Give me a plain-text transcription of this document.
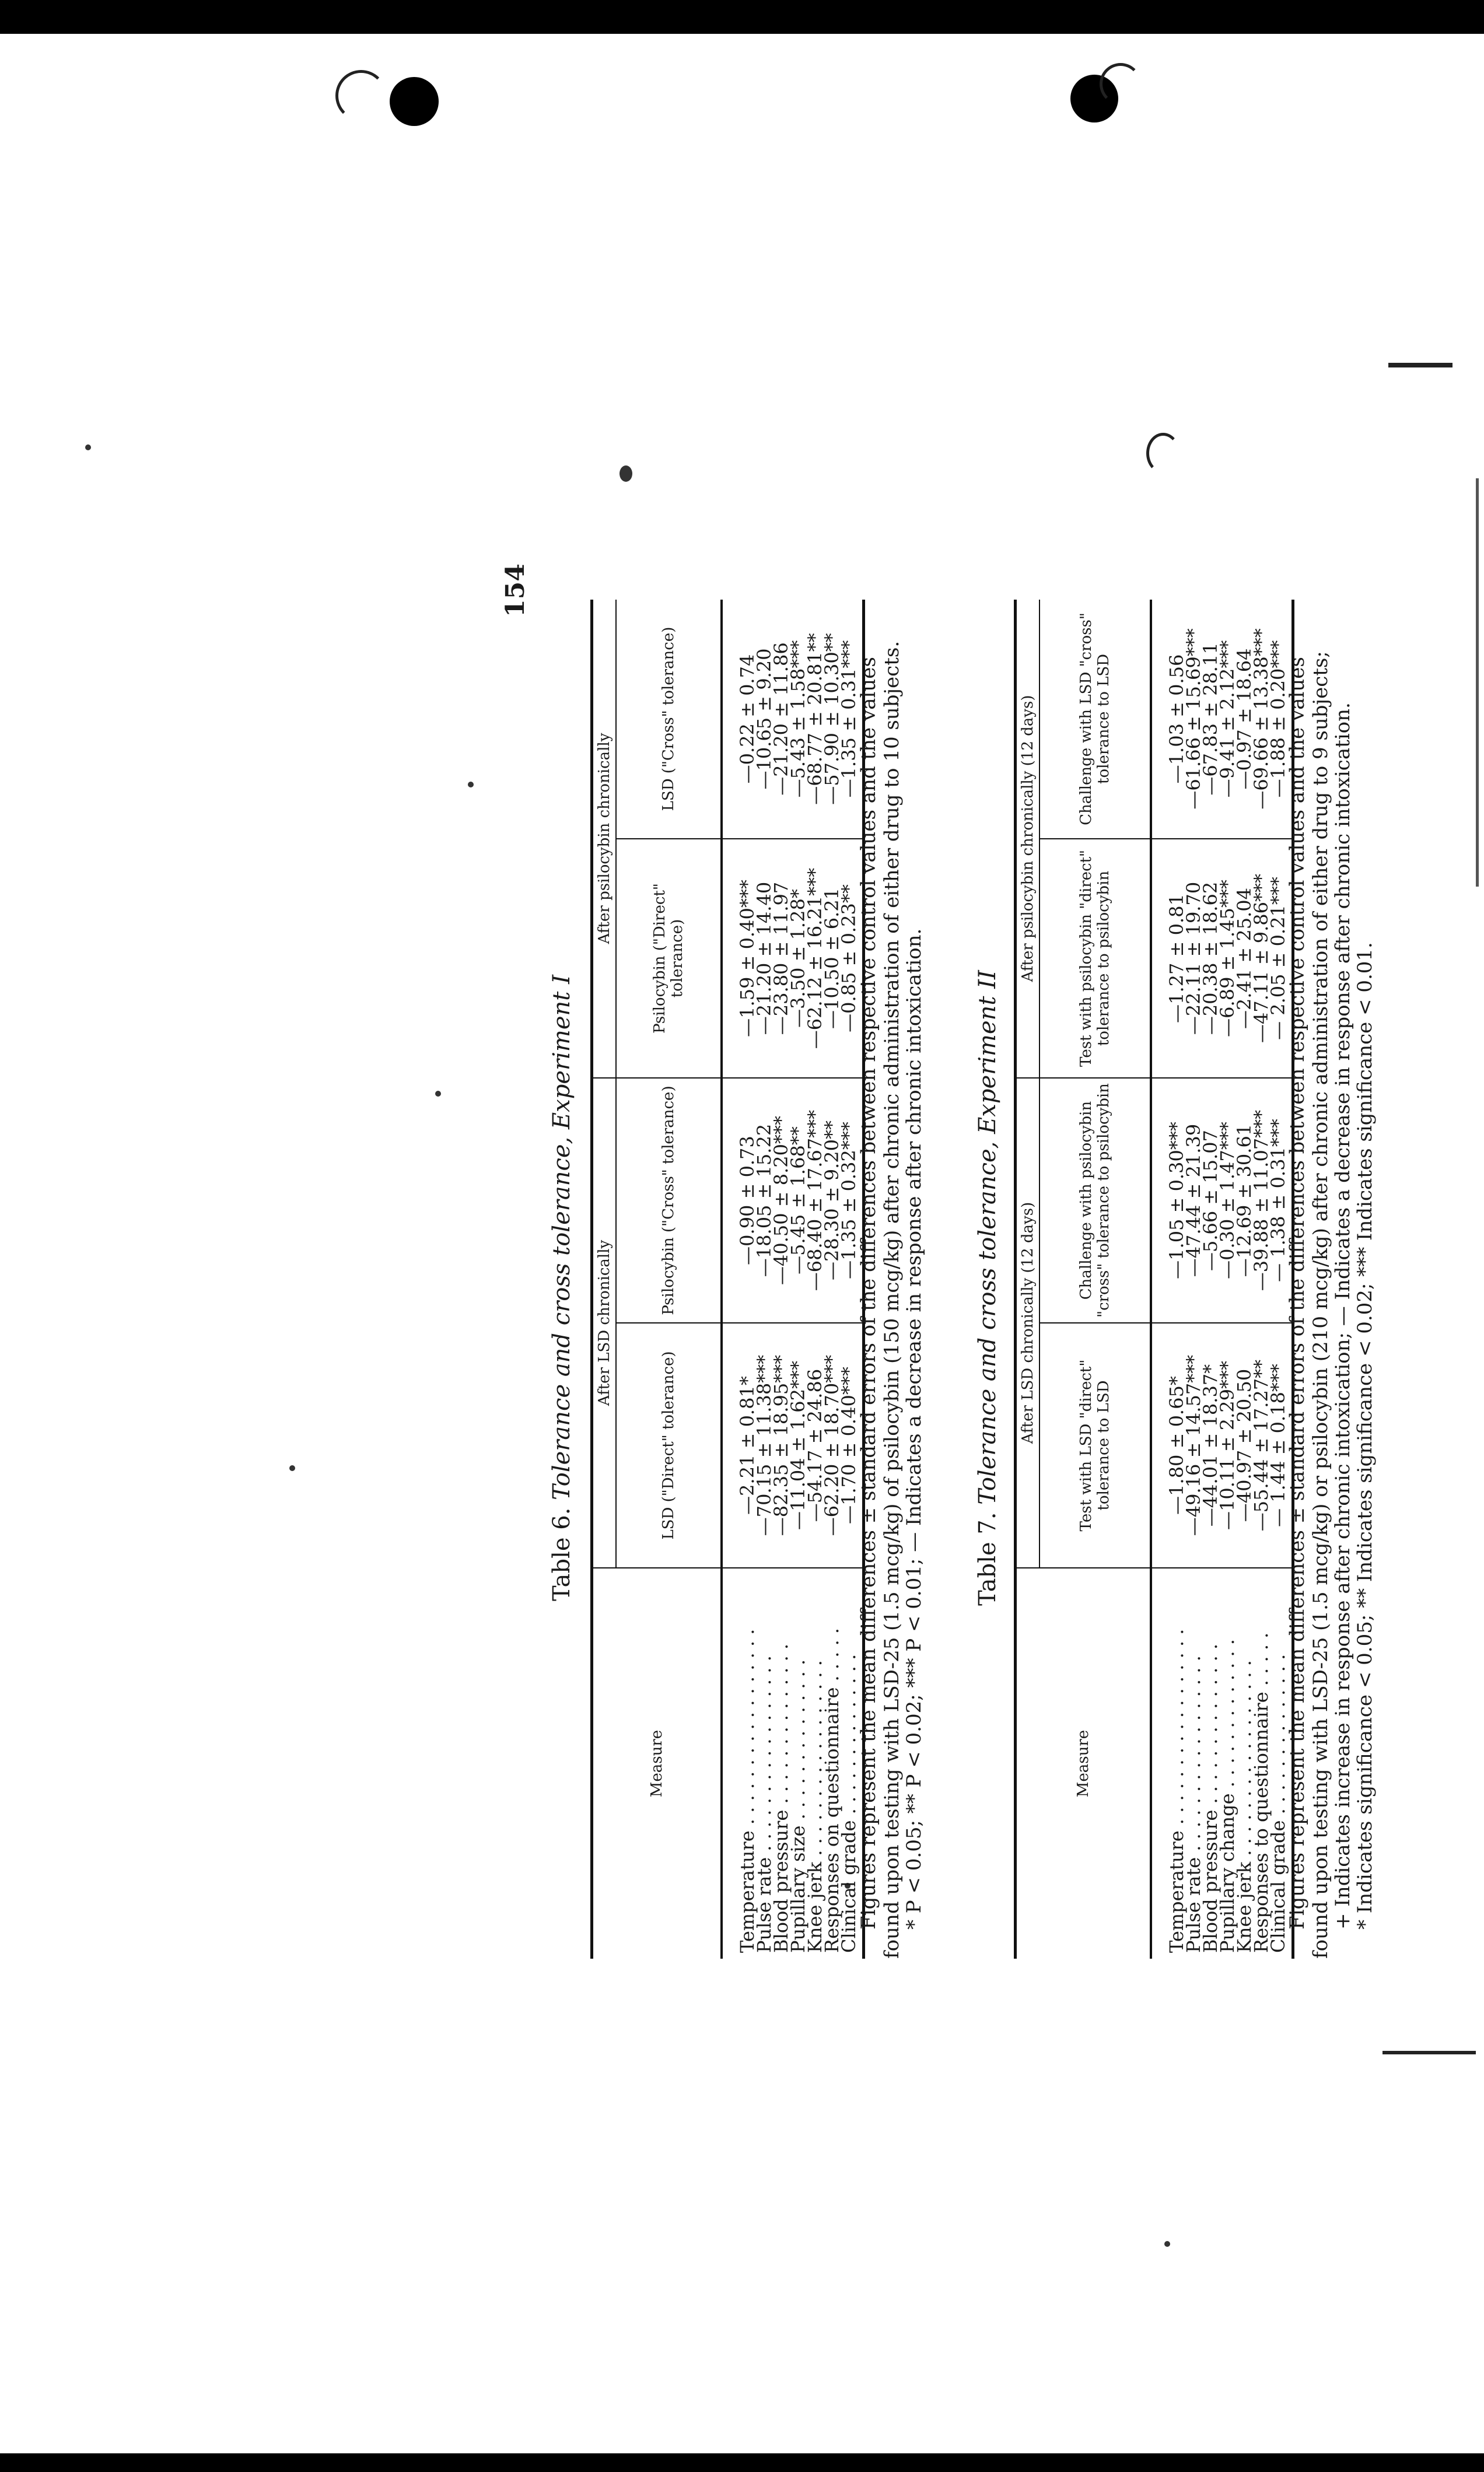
154
Table 6. Tolerance and cross tolerance, Experiment I
Measure	After LSD chronically		After psilocybin chronically	
	LSD ("Direct" tolerance)	Psilocybin ("Cross" tolerance)	Psilocybin ("Direct" tolerance)	LSD ("Cross" tolerance)
Temperature . . . . . . . . . . . . . . . . .	—2.21 ± 0.81*	—0.90 ± 0.73	—1.59 ± 0.40***	—0.22 ± 0.74
Pulse rate . . . . . . . . . . . . . . . . .	—70.15 ± 11.38***	—18.05 ± 15.22	—21.20 ± 14.40	—10.65 ± 9.20
Blood pressure . . . . . . . . . . . . . .	—82.35 ± 18.95***	—40.50 ± 8.20***	—23.80 ± 11.97	—21.20 ± 11.86
Pupillary size . . . . . . . . . . . . . .	—11.04 ± 1.62***	—5.45 ± 1.68**	—3.50 ± 1.28*	—5.43 ± 1.58***
Knee jerk . . . . . . . . . . . . . . . . .	—54.17 ± 24.86	—68.40 ± 17.67***	—62.12 ± 16.21***	—68.77 ± 20.81**
Responses on questionnaire . . . . .	—62.20 ± 18.70***	—28.30 ± 9.20**	—10.50 ± 6.21	—57.90 ± 10.30**
Clinical grade . . . . . . . . . . . . . .	—1.70 ± 0.40***	—1.35 ± 0.32***	—0.85 ± 0.23**	—1.35 ± 0.31***
Figures represent the mean differences ± standard errors of the differences between respective control values and the values found upon testing with LSD-25 (1.5 mcg/kg) of psilocybin (150 mcg/kg) after chronic administration of either drug to 10 subjects.
* P < 0.05; ** P < 0.02; *** P < 0.01; — Indicates a decrease in response after chronic intoxication. Table 7. Tolerance and cross tolerance, Experiment II
Measure	After LSD chronically (12 days)		After psilocybin chronically (12 days)	
	Test with LSD "direct" tolerance to LSD	Challenge with psilocybin "cross" tolerance to psilocybin	Test with psilocybin "direct" tolerance to psilocybin	Challenge with LSD "cross" tolerance to LSD
Temperature . . . . . . . . . . . . . . . . .	—1.80 ± 0.65*	—1.05 ± 0.30***	—1.27 ± 0.81	—1.03 ± 0.56
Pulse rate . . . . . . . . . . . . . . . . .	—49.16 ± 14.57***	—47.44 ± 21.39	—22.11 ± 19.70	—61.66 ± 15.69***
Blood pressure . . . . . . . . . . . . . .	—44.01 ± 18.37*	—5.66 ± 15.07	—20.38 ± 18.62	—67.83 ± 28.11
Pupillary change . . . . . . . . . . . . .	—10.11 ± 2.29***	—0.30 ± 1.47***	—6.89 ± 1.45***	—9.41 ± 2.12***
Knee jerk . . . . . . . . . . . . . . . . .	—40.97 ± 20.50	—12.69 ± 30.61	—2.41 ± 25.04	—0.97 ± 18.64
Responses to questionnaire . . . . .	—55.44 ± 17.27**	—39.88 ± 11.07***	—47.11 ± 9.86***	—69.66 ± 13.38***
Clinical grade . . . . . . . . . . . . . .	— 1.44 ± 0.18***	— 1.38 ± 0.31***	— 2.05 ± 0.21***	—1.88 ± 0.20***
Figures represent the mean differences ± standard errors of the differences between respective control values and the values found upon testing with LSD-25 (1.5 mcg/kg) or psilocybin (210 mcg/kg) after chronic administration of either drug to 9 subjects;
+ Indicates increase in response after chronic intoxication; — Indicates a decrease in response after chronic intoxication.
* Indicates significance < 0.05; ** Indicates significance < 0.02; *** Indicates significance < 0.01.
